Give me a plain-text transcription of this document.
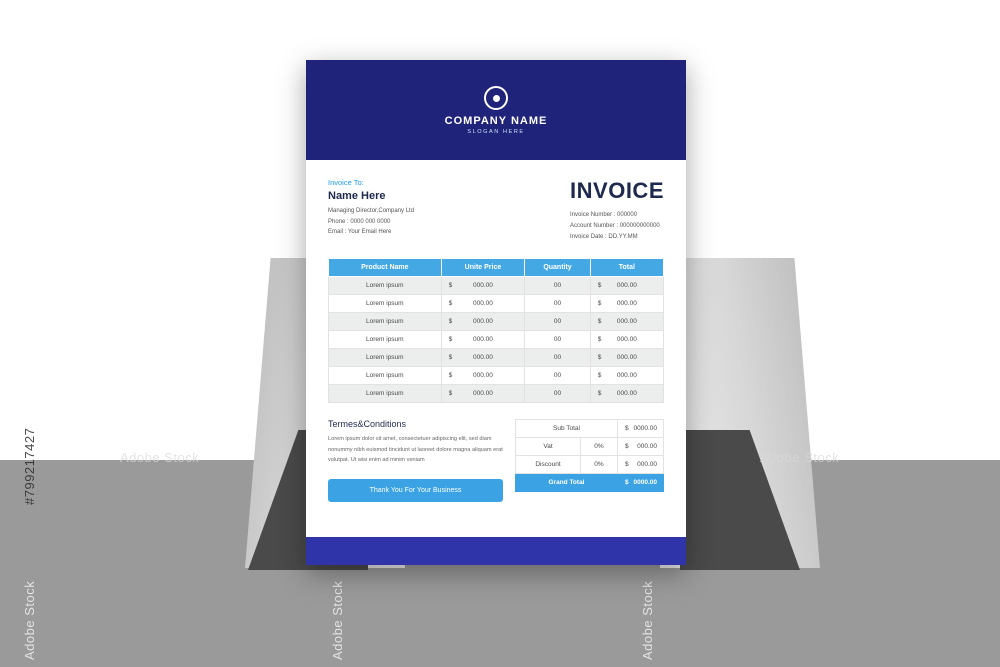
Adobe Stock	Adobe Stock
#799217427
Adobe Stock	Adobe Stock	Adobe Stock
COMPANY NAME
SLOGAN HERE
Invoice To:
Name Here
Managing Director,Company Ltd
Phone : 0000 000 0000
Email : Your Email Here
INVOICE
Invoice Number : 000000
Account Number : 000000000000
Invoice Date : DD.YY.MM
Product Name	Unite Price	Quantity	Total
Lorem ipsum	$ 000.00	00	$ 000.00
Lorem ipsum	$ 000.00	00	$ 000.00
Lorem ipsum	$ 000.00	00	$ 000.00
Lorem ipsum	$ 000.00	00	$ 000.00
Lorem ipsum	$ 000.00	00	$ 000.00
Lorem ipsum	$ 000.00	00	$ 000.00
Lorem ipsum	$ 000.00	00	$ 000.00
Termes&Conditions
Lorem ipsum dolor sit amet, consectetuer adipiscing elit, sed diam nonummy nibh euismod tincidunt ut laoreet dolore magna aliquam erat volutpat. Ut wisi enim ad minim veniam
Thank You For Your Business
Sub Total		$ 0000.00
Vat	0%	$ 000.00
Discount	0%	$ 000.00
Grand Total		$ 0000.00
